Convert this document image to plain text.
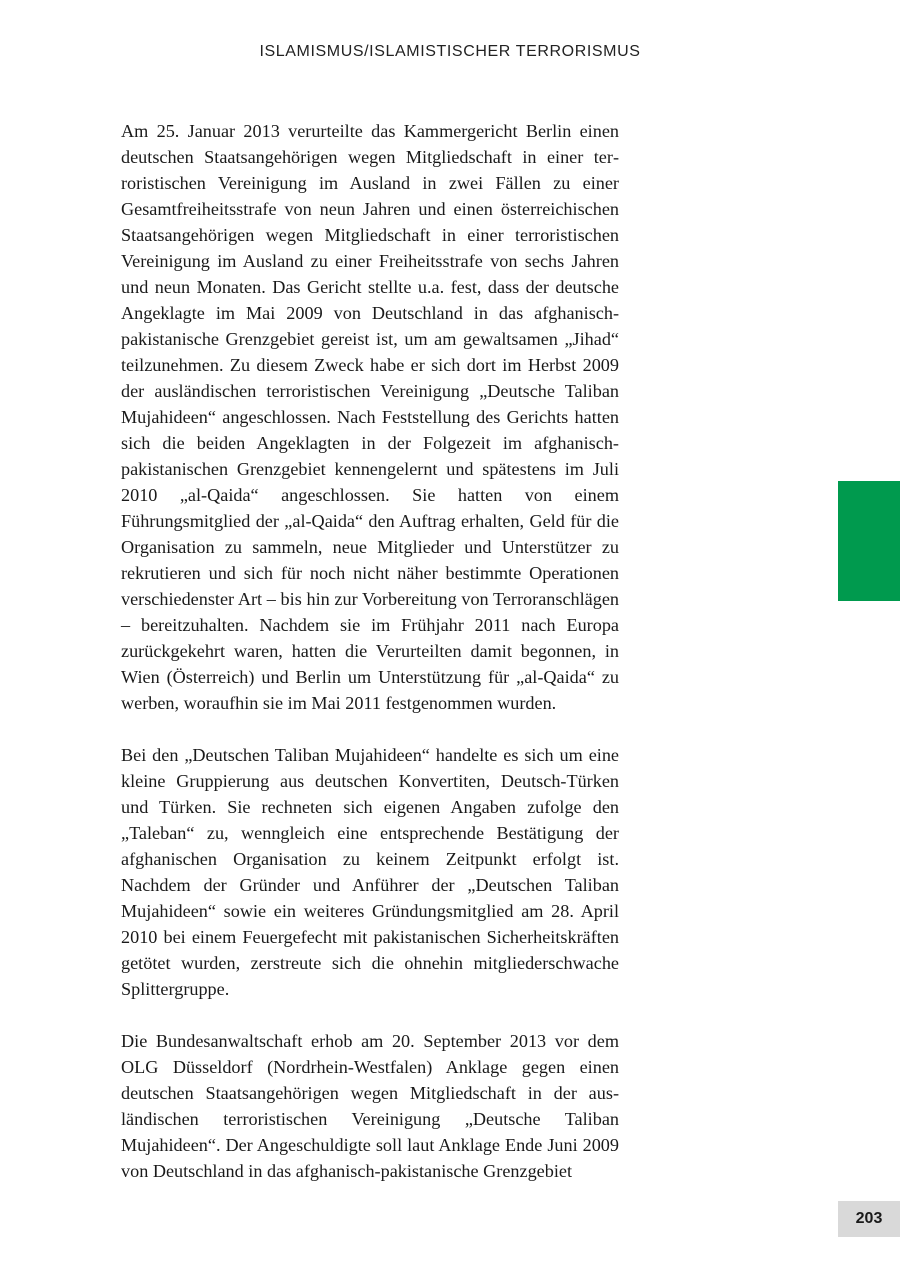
ISLAMISMUS/ISLAMISTISCHER TERRORISMUS

Am 25. Januar 2013 verurteilte das Kammergericht Berlin einen deutschen Staatsangehörigen wegen Mitgliedschaft in einer terroristischen Vereinigung im Ausland in zwei Fällen zu einer Gesamtfreiheitsstrafe von neun Jahren und einen österreichischen Staatsangehörigen wegen Mitgliedschaft in einer terroristischen Vereinigung im Ausland zu einer Freiheitsstrafe von sechs Jahren und neun Monaten. Das Gericht stellte u.a. fest, dass der deutsche Angeklagte im Mai 2009 von Deutschland in das afghanisch-pakistanische Grenzgebiet gereist ist, um am gewaltsamen „Jihad“ teilzunehmen. Zu diesem Zweck habe er sich dort im Herbst 2009 der ausländischen terroristischen Vereinigung „Deutsche Taliban Mujahideen“ angeschlossen. Nach Feststellung des Gerichts hatten sich die beiden Angeklagten in der Folgezeit im afghanisch-pakistanischen Grenzgebiet kennengelernt und spätestens im Juli 2010 „al-Qaida“ angeschlossen. Sie hatten von einem Führungsmitglied der „al-Qaida“ den Auftrag erhalten, Geld für die Organisation zu sammeln, neue Mitglieder und Unterstützer zu rekrutieren und sich für noch nicht näher bestimmte Operationen verschiedenster Art – bis hin zur Vorbereitung von Terroranschlägen – bereitzuhalten. Nachdem sie im Frühjahr 2011 nach Europa zurückgekehrt waren, hatten die Verurteilten damit begonnen, in Wien (Österreich) und Berlin um Unterstützung für „al-Qaida“ zu werben, woraufhin sie im Mai 2011 festgenommen wurden.

Bei den „Deutschen Taliban Mujahideen“ handelte es sich um eine kleine Gruppierung aus deutschen Konvertiten, Deutsch-Türken und Türken. Sie rechneten sich eigenen Angaben zufolge den „Taleban“ zu, wenngleich eine entsprechende Bestätigung der afghanischen Organisation zu keinem Zeitpunkt erfolgt ist. Nachdem der Gründer und Anführer der „Deutschen Taliban Mujahideen“ sowie ein weiteres Gründungsmitglied am 28. April 2010 bei einem Feuergefecht mit pakistanischen Sicherheitskräften getötet wurden, zerstreute sich die ohnehin mitgliederschwache Splittergruppe.

Die Bundesanwaltschaft erhob am 20. September 2013 vor dem OLG Düsseldorf (Nordrhein-Westfalen) Anklage gegen einen deutschen Staatsangehörigen wegen Mitgliedschaft in der ausländischen terroristischen Vereinigung „Deutsche Taliban Mujahideen“. Der Angeschuldigte soll laut Anklage Ende Juni 2009 von Deutschland in das afghanisch-pakistanische Grenzgebiet

203
